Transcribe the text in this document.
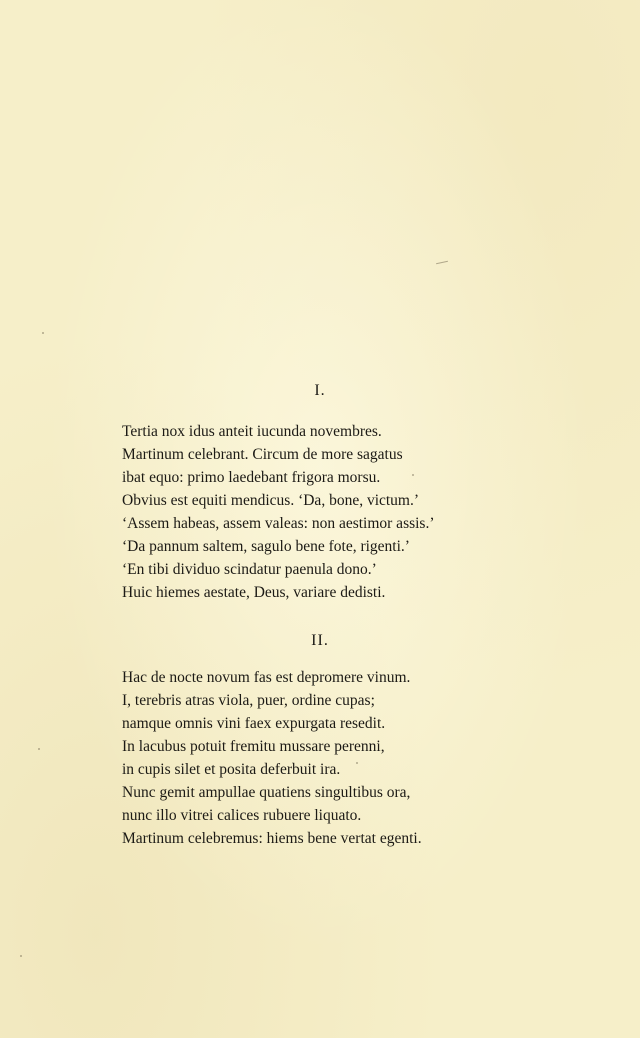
I.
Tertia nox idus anteit iucunda novembres.
Martinum celebrant. Circum de more sagatus
ibat equo: primo laedebant frigora morsu.
Obvius est equiti mendicus. ‘Da, bone, victum.’
‘Assem habeas, assem valeas: non aestimor assis.’
‘Da pannum saltem, sagulo bene fote, rigenti.’
‘En tibi dividuo scindatur paenula dono.’
Huic hiemes aestate, Deus, variare dedisti.
II.
Hac de nocte novum fas est depromere vinum.
I, terebris atras viola, puer, ordine cupas;
namque omnis vini faex expurgata resedit.
In lacubus potuit fremitu mussare perenni,
in cupis silet et posita deferbuit ira.
Nunc gemit ampullae quatiens singultibus ora,
nunc illo vitrei calices rubuere liquato.
Martinum celebremus: hiems bene vertat egenti.
